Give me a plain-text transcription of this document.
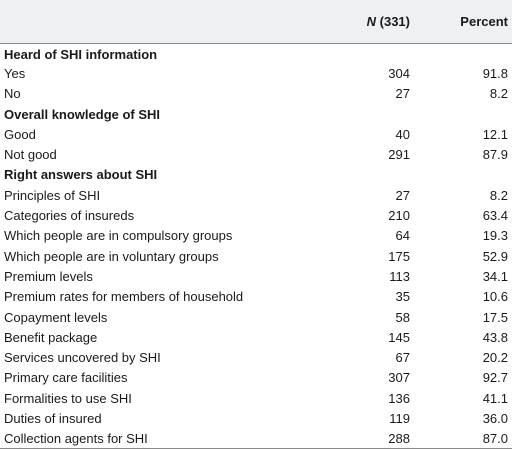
	N (331)	Percent
Heard of SHI information		
Yes	304	91.8
No	27	8.2
Overall knowledge of SHI		
Good	40	12.1
Not good	291	87.9
Right answers about SHI		
Principles of SHI	27	8.2
Categories of insureds	210	63.4
Which people are in compulsory groups	64	19.3
Which people are in voluntary groups	175	52.9
Premium levels	113	34.1
Premium rates for members of household	35	10.6
Copayment levels	58	17.5
Benefit package	145	43.8
Services uncovered by SHI	67	20.2
Primary care facilities	307	92.7
Formalities to use SHI	136	41.1
Duties of insured	119	36.0
Collection agents for SHI	288	87.0
